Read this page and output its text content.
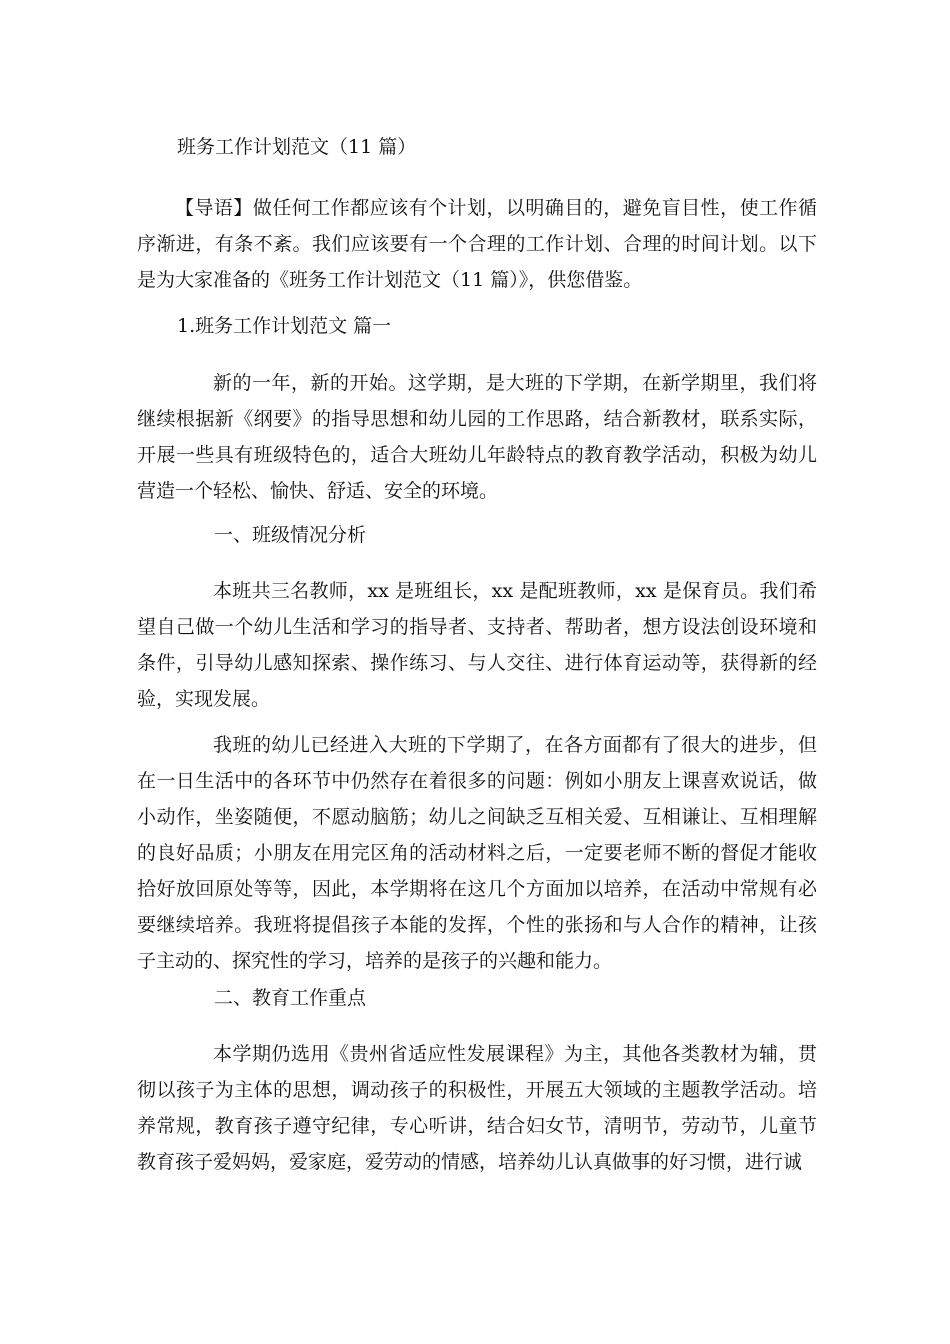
班务工作计划范文（11 篇）

【导语】做任何工作都应该有个计划，以明确目的，避免盲目性，使工作循序渐进，有条不紊。我们应该要有一个合理的工作计划、合理的时间计划。以下是为大家准备的《班务工作计划范文（11 篇）》，供您借鉴。

1.班务工作计划范文 篇一

新的一年，新的开始。这学期，是大班的下学期，在新学期里，我们将继续根据新《纲要》的指导思想和幼儿园的工作思路，结合新教材，联系实际，开展一些具有班级特色的，适合大班幼儿年龄特点的教育教学活动，积极为幼儿营造一个轻松、愉快、舒适、安全的环境。

一、班级情况分析

本班共三名教师，xx 是班组长，xx 是配班教师，xx 是保育员。我们希望自己做一个幼儿生活和学习的指导者、支持者、帮助者，想方设法创设环境和条件，引导幼儿感知探索、操作练习、与人交往、进行体育运动等，获得新的经验，实现发展。

我班的幼儿已经进入大班的下学期了，在各方面都有了很大的进步，但在一日生活中的各环节中仍然存在着很多的问题：例如小朋友上课喜欢说话，做小动作，坐姿随便，不愿动脑筋；幼儿之间缺乏互相关爱、互相谦让、互相理解的良好品质；小朋友在用完区角的活动材料之后，一定要老师不断的督促才能收拾好放回原处等等，因此，本学期将在这几个方面加以培养，在活动中常规有必要继续培养。我班将提倡孩子本能的发挥，个性的张扬和与人合作的精神，让孩子主动的、探究性的学习，培养的是孩子的兴趣和能力。

二、教育工作重点

本学期仍选用《贵州省适应性发展课程》为主，其他各类教材为辅，贯彻以孩子为主体的思想，调动孩子的积极性，开展五大领域的主题教学活动。培养常规，教育孩子遵守纪律，专心听讲，结合妇女节，清明节，劳动节，儿童节教育孩子爱妈妈，爱家庭，爱劳动的情感，培养幼儿认真做事的好习惯，进行诚
